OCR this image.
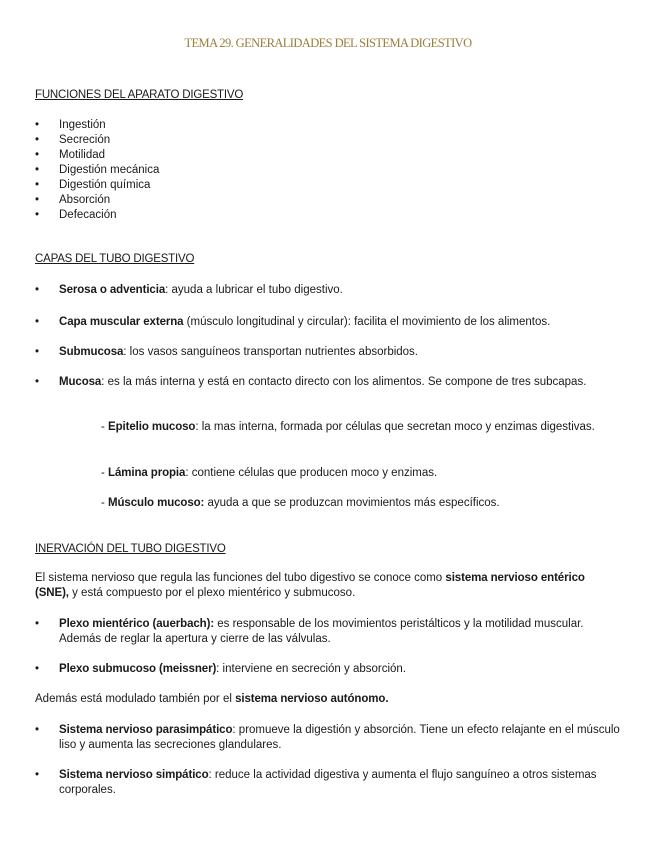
TEMA 29. GENERALIDADES DEL SISTEMA DIGESTIVO
FUNCIONES DEL APARATO DIGESTIVO
•	Ingestión
•	Secreción
•	Motilidad
•	Digestión mecánica
•	Digestión química
•	Absorción
•	Defecación
CAPAS DEL TUBO DIGESTIVO
•	Serosa o adventicia: ayuda a lubricar el tubo digestivo.

•	Capa muscular externa (músculo longitudinal y circular): facilita el movimiento de los alimentos.

•	Submucosa: los vasos sanguíneos transportan nutrientes absorbidos.

•	Mucosa: es la más interna y está en contacto directo con los alimentos. Se compone de tres subcapas.

- Epitelio mucoso: la mas interna, formada por células que secretan moco y enzimas digestivas.

- Lámina propia: contiene células que producen moco y enzimas.

- Músculo mucoso: ayuda a que se produzcan movimientos más específicos.

INERVACIÓN DEL TUBO DIGESTIVO

El sistema nervioso que regula las funciones del tubo digestivo se conoce como sistema nervioso entérico (SNE), y está compuesto por el plexo mientérico y submucoso.

•	Plexo mientérico (auerbach): es responsable de los movimientos peristálticos y la motilidad muscular. Además de reglar la apertura y cierre de las válvulas.

•	Plexo submucoso (meissner): interviene en secreción y absorción.

Además está modulado también por el sistema nervioso autónomo.

•	Sistema nervioso parasimpático: promueve la digestión y absorción. Tiene un efecto relajante en el músculo liso y aumenta las secreciones glandulares.

•	Sistema nervioso simpático: reduce la actividad digestiva y aumenta el flujo sanguíneo a otros sistemas corporales.
